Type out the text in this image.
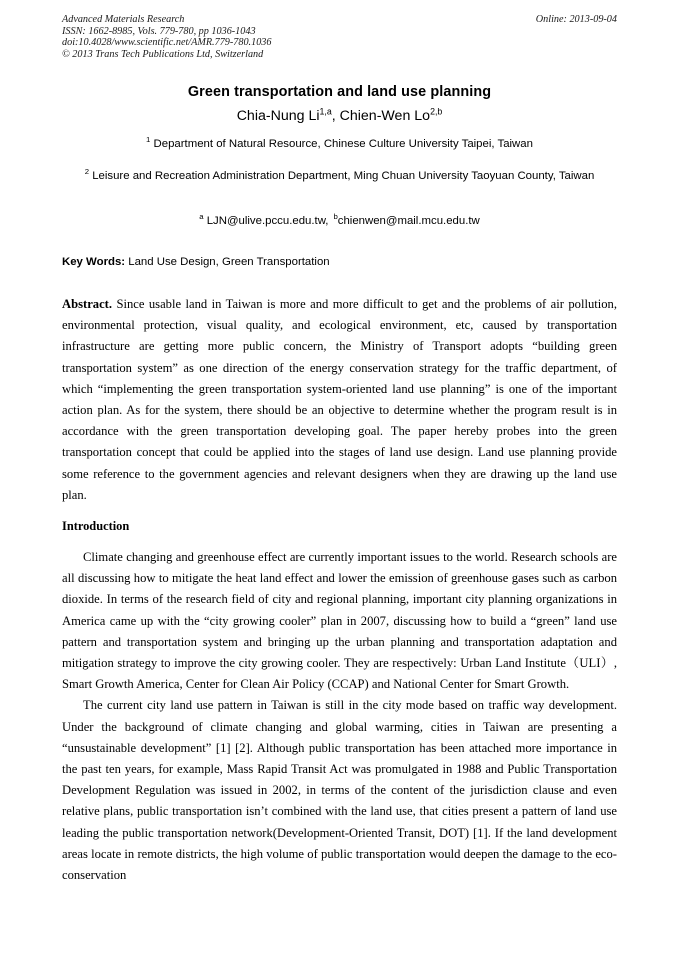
Advanced Materials Research	Online: 2013-09-04
ISSN: 1662-8985, Vols. 779-780, pp 1036-1043
doi:10.4028/www.scientific.net/AMR.779-780.1036
© 2013 Trans Tech Publications Ltd, Switzerland
Green transportation and land use planning
Chia-Nung Li$^{1,a}$, Chien-Wen Lo$^{2,b}$
$^1$ Department of Natural Resource, Chinese Culture University Taipei, Taiwan
$^2$ Leisure and Recreation Administration Department, Ming Chuan University Taoyuan County, Taiwan
$^a$ LJN@ulive.pccu.edu.tw, $^b$chienwen@mail.mcu.edu.tw
Key Words: Land Use Design, Green Transportation
Abstract. Since usable land in Taiwan is more and more difficult to get and the problems of air pollution, environmental protection, visual quality, and ecological environment, etc, caused by transportation infrastructure are getting more public concern, the Ministry of Transport adopts “building green transportation system” as one direction of the energy conservation strategy for the traffic department, of which “implementing the green transportation system-oriented land use planning” is one of the important action plan. As for the system, there should be an objective to determine whether the program result is in accordance with the green transportation developing goal. The paper hereby probes into the green transportation concept that could be applied into the stages of land use design. Land use planning provide some reference to the government agencies and relevant designers when they are drawing up the land use plan.
Introduction

Climate changing and greenhouse effect are currently important issues to the world. Research schools are all discussing how to mitigate the heat land effect and lower the emission of greenhouse gases such as carbon dioxide. In terms of the research field of city and regional planning, important city planning organizations in America came up with the “city growing cooler” plan in 2007, discussing how to build a “green” land use pattern and transportation system and bringing up the urban planning and transportation adaptation and mitigation strategy to improve the city growing cooler. They are respectively: Urban Land Institute（ULI）, Smart Growth America, Center for Clean Air Policy (CCAP) and National Center for Smart Growth.

The current city land use pattern in Taiwan is still in the city mode based on traffic way development. Under the background of climate changing and global warming, cities in Taiwan are presenting a “unsustainable development” [1] [2]. Although public transportation has been attached more importance in the past ten years, for example, Mass Rapid Transit Act was promulgated in 1988 and Public Transportation Development Regulation was issued in 2002, in terms of the content of the jurisdiction clause and even relative plans, public transportation isn’t combined with the land use, that cities present a pattern of land use leading the public transportation network(Development-Oriented Transit, DOT) [1]. If the land development areas locate in remote districts, the high volume of public transportation would deepen the damage to the eco-conservation
